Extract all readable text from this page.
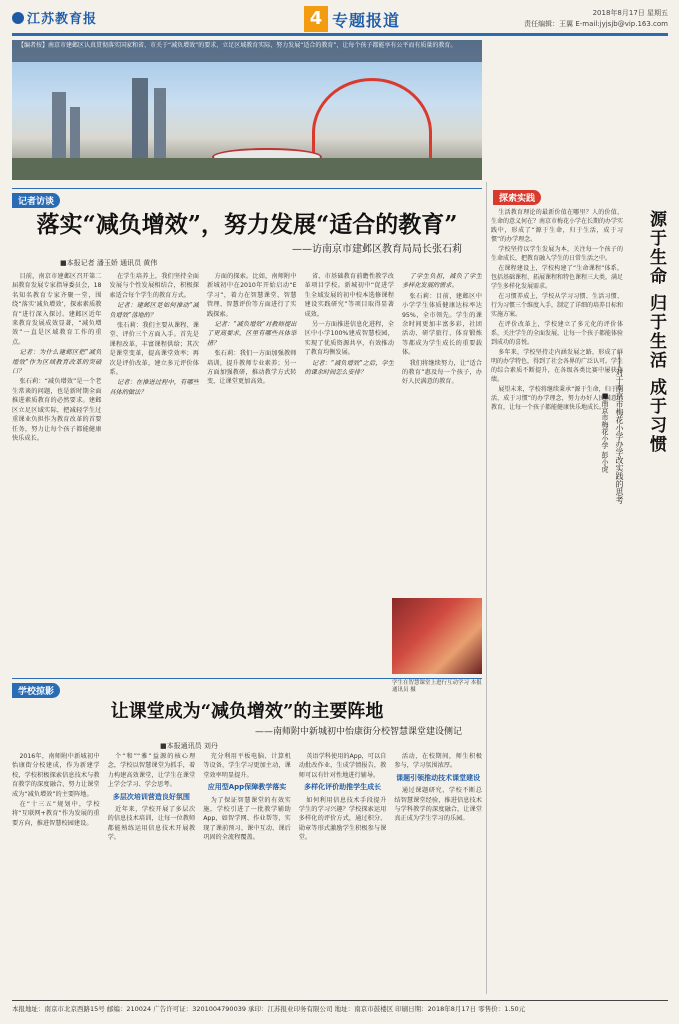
江苏教育报	4 专题报道	2018年8月17日 星期五
责任编辑：王翼 E-mail:jyjsjb@vip.163.com
【编者按】南京市建邺区认真贯彻落实国家和省、市关于“减负增效”的要求，立足区域教育实际，努力发展“适合的教育”，让每个孩子都能享有公平而有质量的教育。
记者访谈
落实“减负增效”，努力发展“适合的教育”
——访南京市建邺区教育局局长张石莉
■本报记者 潘玉娇 通讯员 黄伟

目前，南京市建邺区召开第二届教育发展专家指导委员会，18名知名教育专家齐聚一堂，围绕“落实‘减负增效’，探索素质教育”进行深入探讨。建邺区近年来教育发展成效显著，“减负增效”一直是区域教育工作的重点。

记者：为什么建邺区把“减负增效”作为区域教育改革的突破口？

张石莉：“减负增效”是一个老生常谈的问题，也是新时期全面推进素质教育的必然要求。建邺区立足区域实际，把减轻学生过重课业负担作为教育改革的首要任务，努力让每个孩子都能健康快乐成长。

在学生培养上，我们坚持全面发展与个性发展相结合，积极探索适合每个学生的教育方式。

记者：建邺区是如何推动“减负增效”落地的？

张石莉：我们主要从课程、课堂、评价三个方面入手。首先是课程改革，丰富课程供给；其次是课堂变革，提高课堂效率；再次是评价改革，建立多元评价体系。

记者：在推进过程中，有哪些具体的做法？

方面的探索。比如，南师附中新城初中在2010年开始启动“E学习”，着力在智慧课堂、智慧管理、智慧评价等方面进行了实践探索。

记者：“减负增效”对教师提出了更高要求，区里有哪些具体举措？

张石莉：我们一方面加强教师培训，提升教师专业素养；另一方面加强教研，推动教学方式转变，让课堂更加高效。

省、市基础教育前瞻性教学改革项目学校。新城初中“促进学生全域发展的初中校本选修课程建设实践研究”等项目取得显著成效。

另一方面推进信息化进程，全区中小学100%建成智慧校园，实现了优质资源共享，有效推动了教育均衡发展。

记者：“减负增效”之后，学生的课余时间怎么安排？

了学生负担，减负了学生多样化发展的需求。

张石莉：目前，建邺区中小学学生体质健康达标率达95%，全市领先。学生的课余时间更加丰富多彩，社团活动、研学旅行、体育锻炼等都成为学生成长的重要载体。

我们将继续努力，让“适合的教育”惠及每一个孩子，办好人民满意的教育。

学生在智慧课堂上进行互动学习 本报通讯员 摄
学校掠影
让课堂成为“减负增效”的主要阵地
——南师附中新城初中怡康街分校智慧课堂建设侧记
■本报通讯员 刘丹

2016年，南师附中新城初中怡康街分校建成，作为新建学校，学校积极探索信息技术与教育教学的深度融合，努力让课堂成为“减负增效”的主要阵地。

在“十三五”规划中，学校将“互联网+教育”作为发展的重要方向，推进智慧校园建设。

个“和”“雅”益源的核心理念，学校以智慧课堂为抓手，着力构建高效课堂，让学生在课堂上学会学习、学会思考。

多层次培训营造良好氛围

近年来，学校开展了多层次的信息技术培训，让每一位教师都能熟练运用信息技术开展教学。

充分利用平板电脑、计算机等设备，学生学习更加主动，课堂效率明显提升。

应用型App保障教学落实

为了保证智慧课堂的有效实施，学校引进了一批教学辅助App，如智学网、作业帮等，实现了课前预习、课中互动、课后巩固的全流程覆盖。

英语学科使用的App，可以自动批改作业，生成学情报告，教师可以有针对性地进行辅导。

多样化评价助推学生成长

如何利用信息技术手段提升学生的学习兴趣？学校探索运用多样化的评价方式，通过积分、勋章等形式激励学生积极参与课堂。

活动，在校期间，师生积极参与，学习氛围浓厚。

课题引领推动技术课堂建设

通过课题研究，学校不断总结智慧课堂经验，推进信息技术与学科教学的深度融合，让课堂真正成为学生学习的乐园。

探索实践

生活教育理论的最新价值在哪里？人的价值、生命的意义何在？南京市梅花小学在长期的办学实践中，形成了“源于生命，归于生活，成于习惯”的办学理念。

学校坚持以学生发展为本，关注每一个孩子的生命成长，把教育融入学生的日常生活之中。

在课程建设上，学校构建了“生命课程”体系，包括基础课程、拓展课程和特色课程三大类，满足学生多样化发展需求。

在习惯养成上，学校从学习习惯、生活习惯、行为习惯三个维度入手，制定了详细的培养目标和实施方案。

在评价改革上，学校建立了多元化的评价体系，关注学生的全面发展，让每一个孩子都能体验到成功的喜悦。

多年来，学校坚持走内涵发展之路，形成了鲜明的办学特色，得到了社会各界的广泛认可。学生的综合素质不断提升，在各级各类比赛中屡获佳绩。

展望未来，学校将继续秉承“源于生命，归于生活，成于习惯”的办学理念，努力办好人民满意的教育，让每一个孩子都能健康快乐地成长。	源于生命 归于生活 成于习惯
——对于南京市梅花小学办学改实践的思考
■南京市梅花小学 彭小虎
本报地址：南京市北京西路15号 邮编：210024 广告许可证：3201004790039 承印：江苏报业印务有限公司 地址：南京市鼓楼区 印刷日期：2018年8月17日 零售价：1.50元
